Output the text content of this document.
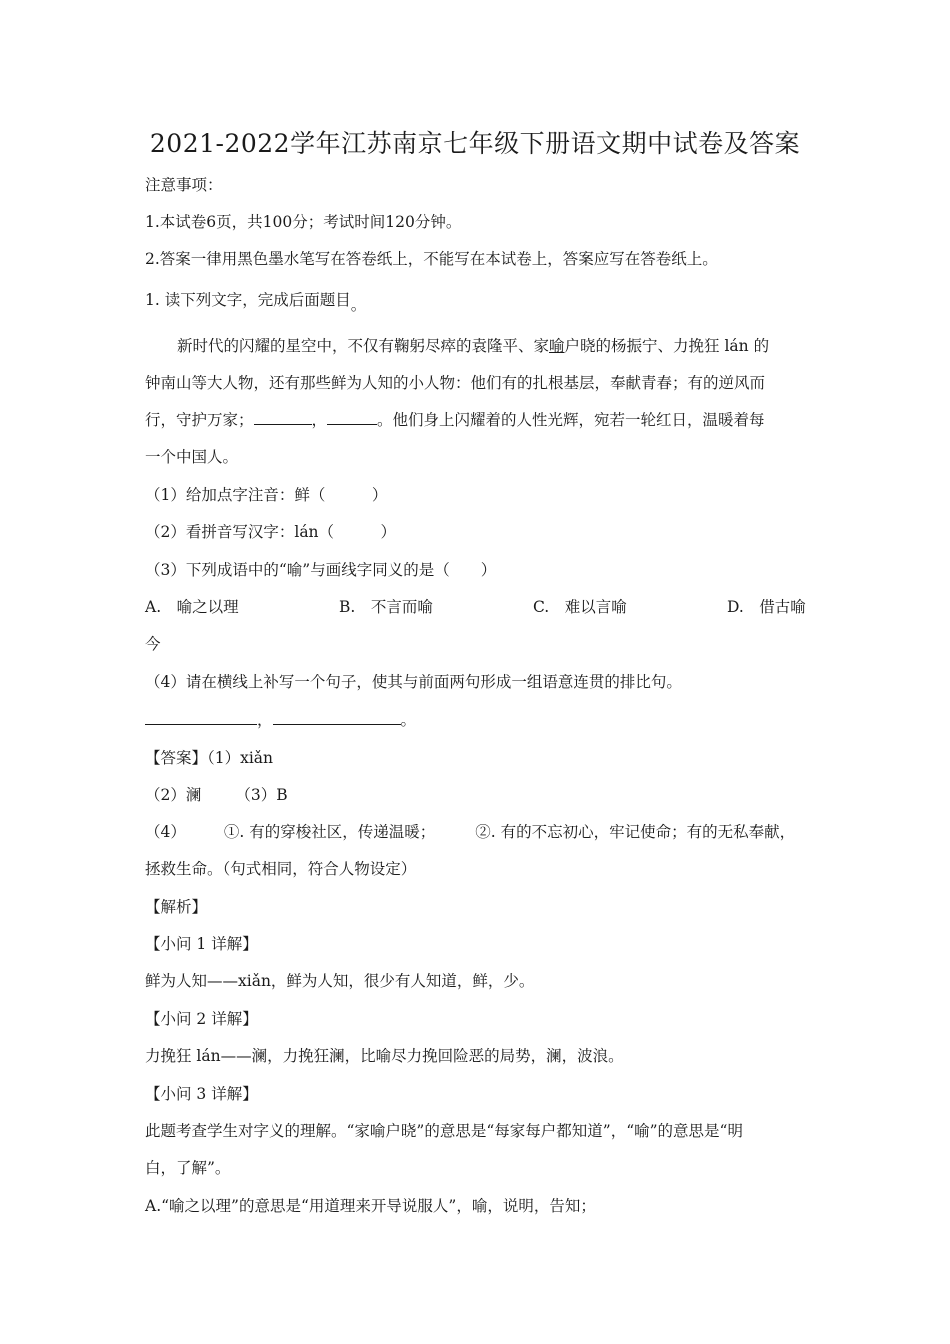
2021-2022学年江苏南京七年级下册语文期中试卷及答案
注意事项：
1.本试卷6页，共100分；考试时间120分钟。
2.答案一律用黑色墨水笔写在答卷纸上，不能写在本试卷上，答案应写在答卷纸上。
1. 读下列文字，完成后面题目。
新时代的闪耀的星空中，不仅有鞠躬尽瘁的袁隆平、家喻户晓的杨振宁、力挽狂 lán 的
钟南山等大人物，还有那些鲜为人知的小人物：他们有的扎根基层，奉献青春；有的逆风而
行，守护万家；	，	。他们身上闪耀着的人性光辉，宛若一轮红日，温暖着每
一个中国人。
（1）给加点字注音：鲜（　　　）
（2）看拼音写汉字：lán（　　　）
（3）下列成语中的“喻”与画线字同义的是（　　）
A.　喻之以理	B.　不言而喻	C.　难以言喻	D.　借古喻
今
（4）请在横线上补写一个句子，使其与前面两句形成一组语意连贯的排比句。
，	。
【答案】（1）xiǎn
（2）澜 （3）B
（4） ①. 有的穿梭社区，传递温暖；	②. 有的不忘初心，牢记使命；有的无私奉献，
拯救生命。（句式相同，符合人物设定）
【解析】
【小问 1 详解】
鲜为人知——xiǎn，鲜为人知，很少有人知道，鲜，少。
【小问 2 详解】
力挽狂 lán——澜，力挽狂澜，比喻尽力挽回险恶的局势，澜，波浪。
【小问 3 详解】
此题考查学生对字义的理解。“家喻户晓”的意思是“每家每户都知道”，“喻”的意思是“明
白，了解”。
A.“喻之以理”的意思是“用道理来开导说服人”，喻，说明，告知；
